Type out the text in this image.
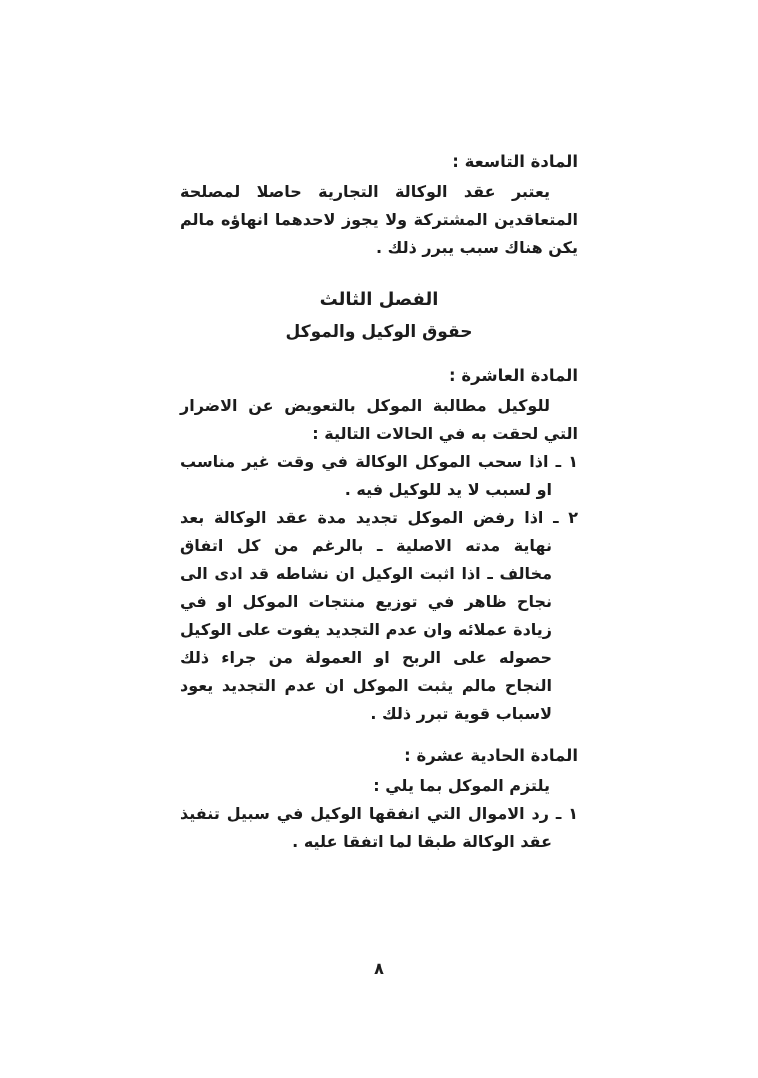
المادة التاسعة :

يعتبر عقد الوكالة التجارية حاصلا لمصلحة المتعاقدين المشتركة ولا يجوز لاحدهما انهاؤه مالم يكن هناك سبب يبرر ذلك .

الفصل الثالث
حقوق الوكيل والموكل
المادة العاشرة :

للوكيل مطالبة الموكل بالتعويض عن الاضرار التي لحقت به في الحالات التالية :

١ ـ اذا سحب الموكل الوكالة في وقت غير مناسب او لسبب لا يد للوكيل فيه .

٢ ـ اذا رفض الموكل تجديد مدة عقد الوكالة بعد نهاية مدته الاصلية ـ بالرغم من كل اتفاق مخالف ـ اذا اثبت الوكيل ان نشاطه قد ادى الى نجاح ظاهر في توزيع منتجات الموكل او في زيادة عملائه وان عدم التجديد يفوت على الوكيل حصوله على الربح او العمولة من جراء ذلك النجاح مالم يثبت الموكل ان عدم التجديد يعود لاسباب قوية تبرر ذلك .

المادة الحادية عشرة :

يلتزم الموكل بما يلي :

١ ـ رد الاموال التي انفقها الوكيل في سبيل تنفيذ عقد الوكالة طبقا لما اتفقا عليه .

٨
